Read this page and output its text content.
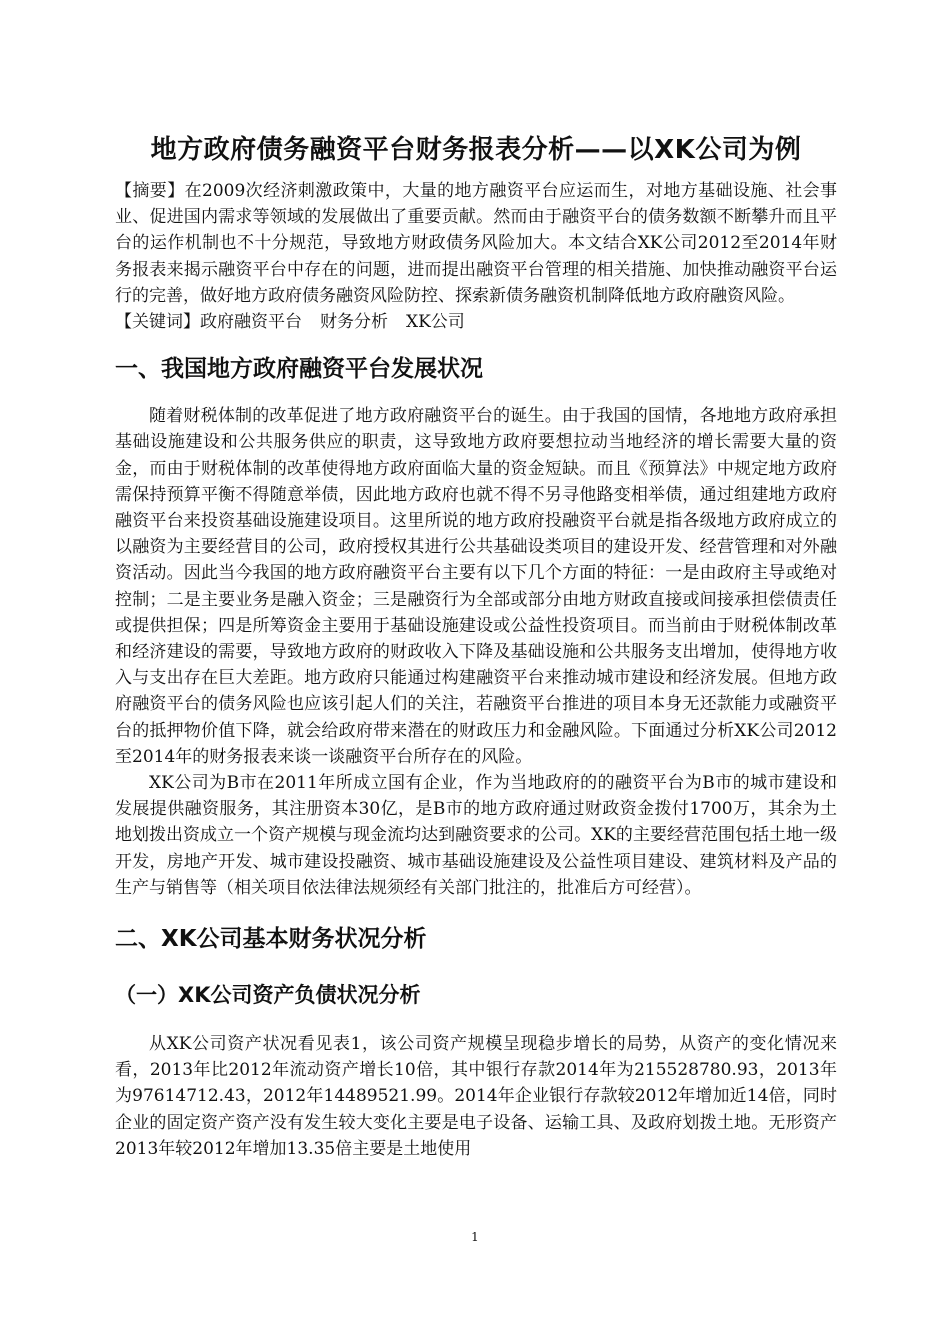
地方政府债务融资平台财务报表分析——以XK公司为例

【摘要】在2009次经济刺激政策中，大量的地方融资平台应运而生，对地方基础设施、社会事业、促进国内需求等领域的发展做出了重要贡献。然而由于融资平台的债务数额不断攀升而且平台的运作机制也不十分规范，导致地方财政债务风险加大。本文结合XK公司2012至2014年财务报表来揭示融资平台中存在的问题，进而提出融资平台管理的相关措施、加快推动融资平台运行的完善，做好地方政府债务融资风险防控、探索新债务融资机制降低地方政府融资风险。

【关键词】政府融资平台 财务分析 XK公司

一、我国地方政府融资平台发展状况

随着财税体制的改革促进了地方政府融资平台的诞生。由于我国的国情，各地地方政府承担基础设施建设和公共服务供应的职责，这导致地方政府要想拉动当地经济的增长需要大量的资金，而由于财税体制的改革使得地方政府面临大量的资金短缺。而且《预算法》中规定地方政府需保持预算平衡不得随意举债，因此地方政府也就不得不另寻他路变相举债，通过组建地方政府融资平台来投资基础设施建设项目。这里所说的地方政府投融资平台就是指各级地方政府成立的以融资为主要经营目的公司，政府授权其进行公共基础设类项目的建设开发、经营管理和对外融资活动。因此当今我国的地方政府融资平台主要有以下几个方面的特征：一是由政府主导或绝对控制；二是主要业务是融入资金；三是融资行为全部或部分由地方财政直接或间接承担偿债责任或提供担保；四是所筹资金主要用于基础设施建设或公益性投资项目。而当前由于财税体制改革和经济建设的需要，导致地方政府的财政收入下降及基础设施和公共服务支出增加，使得地方收入与支出存在巨大差距。地方政府只能通过构建融资平台来推动城市建设和经济发展。但地方政府融资平台的债务风险也应该引起人们的关注，若融资平台推进的项目本身无还款能力或融资平台的抵押物价值下降，就会给政府带来潜在的财政压力和金融风险。下面通过分析XK公司2012至2014年的财务报表来谈一谈融资平台所存在的风险。

XK公司为B市在2011年所成立国有企业，作为当地政府的的融资平台为B市的城市建设和发展提供融资服务，其注册资本30亿，是B市的地方政府通过财政资金拨付1700万，其余为土地划拨出资成立一个资产规模与现金流均达到融资要求的公司。XK的主要经营范围包括土地一级开发，房地产开发、城市建设投融资、城市基础设施建设及公益性项目建设、建筑材料及产品的生产与销售等（相关项目依法律法规须经有关部门批注的，批准后方可经营）。

二、XK公司基本财务状况分析
（一）XK公司资产负债状况分析

从XK公司资产状况看见表1，该公司资产规模呈现稳步增长的局势，从资产的变化情况来看，2013年比2012年流动资产增长10倍，其中银行存款2014年为215528780.93，2013年为97614712.43，2012年14489521.99。2014年企业银行存款较2012年增加近14倍，同时企业的固定资产资产没有发生较大变化主要是电子设备、运输工具、及政府划拨土地。无形资产2013年较2012年增加13.35倍主要是土地使用

1
